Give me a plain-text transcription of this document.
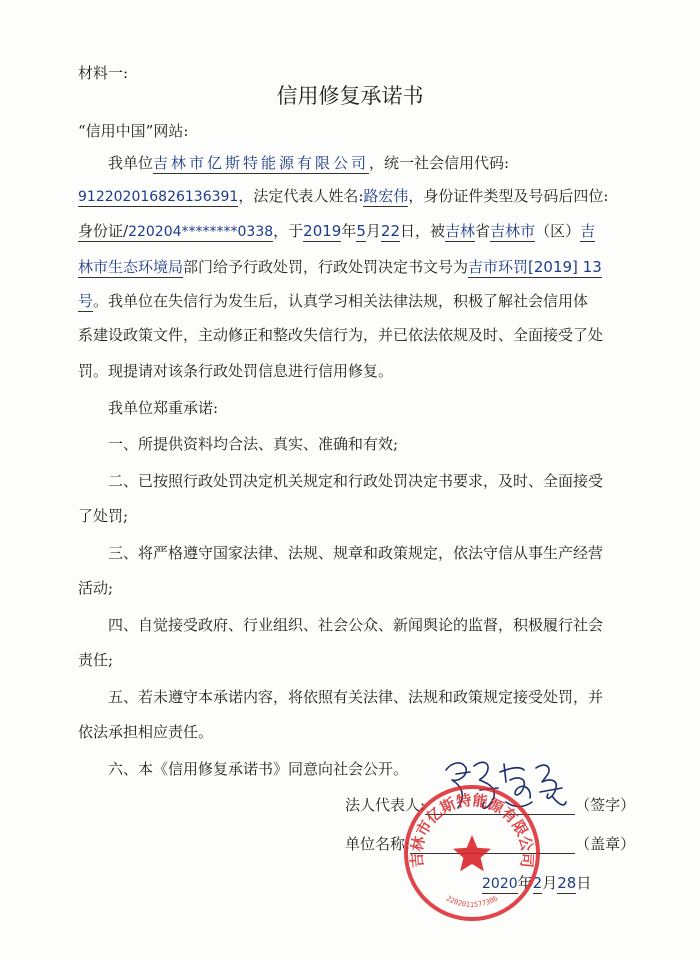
材料一:
信用修复承诺书
“信用中国”网站:
我单位吉林市亿斯特能源有限公司，统一社会信用代码:
912202016826136391，法定代表人姓名:路宏伟，身份证件类型及号码后四位:
身份证/220204********0338，于2019年5月22日，被吉林省吉林市（区）吉
林市生态环境局部门给予行政处罚，行政处罚决定书文号为吉市环罚[2019] 13
号。我单位在失信行为发生后，认真学习相关法律法规，积极了解社会信用体
系建设政策文件，主动修正和整改失信行为，并已依法依规及时、全面接受了处
罚。现提请对该条行政处罚信息进行信用修复。
我单位郑重承诺:
一、所提供资料均合法、真实、准确和有效;
二、已按照行政处罚决定机关规定和行政处罚决定书要求，及时、全面接受
了处罚;
三、将严格遵守国家法律、法规、规章和政策规定，依法守信从事生产经营
活动;
四、自觉接受政府、行业组织、社会公众、新闻舆论的监督，积极履行社会
责任;
五、若未遵守本承诺内容，将依照有关法律、法规和政策规定接受处罚，并
依法承担相应责任。
六、本《信用修复承诺书》同意向社会公开。
法人代表人:	（签字）
单位名称:	（盖章）
2020年2月28日
吉林市亿斯特能源有限公司
2202011577386
